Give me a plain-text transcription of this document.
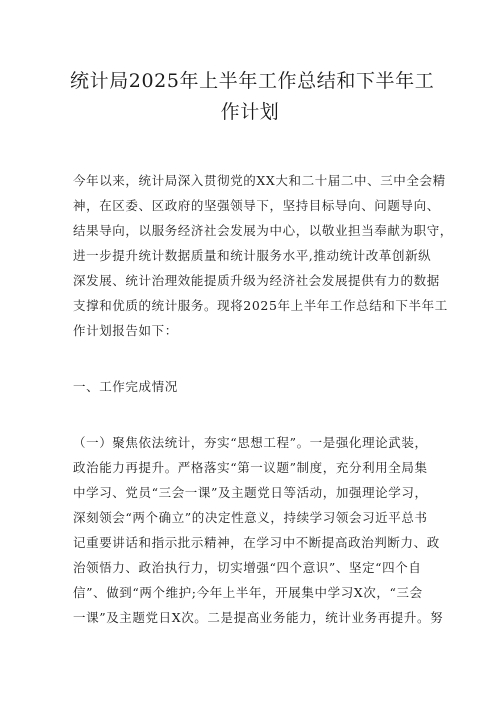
统计局2025年上半年工作总结和下半年工
作计划
今年以来，统计局深入贯彻党的XX大和二十届二中、三中全会精
神，在区委、区政府的坚强领导下，坚持目标导向、问题导向、
结果导向，以服务经济社会发展为中心，以敬业担当奉献为职守，
进一步提升统计数据质量和统计服务水平,推动统计改革创新纵
深发展、统计治理效能提质升级为经济社会发展提供有力的数据
支撑和优质的统计服务。现将2025年上半年工作总结和下半年工
作计划报告如下：
一、工作完成情况
（一）聚焦依法统计，夯实“思想工程”。一是强化理论武装，
政治能力再提升。严格落实“第一议题”制度，充分利用全局集
中学习、党员“三会一课”及主题党日等活动，加强理论学习，
深刻领会“两个确立”的决定性意义，持续学习领会习近平总书
记重要讲话和指示批示精神，在学习中不断提高政治判断力、政
治领悟力、政治执行力，切实增强“四个意识”、坚定“四个自
信”、做到“两个维护;今年上半年，开展集中学习X次，“三会
一课”及主题党日X次。二是提高业务能力，统计业务再提升。努
